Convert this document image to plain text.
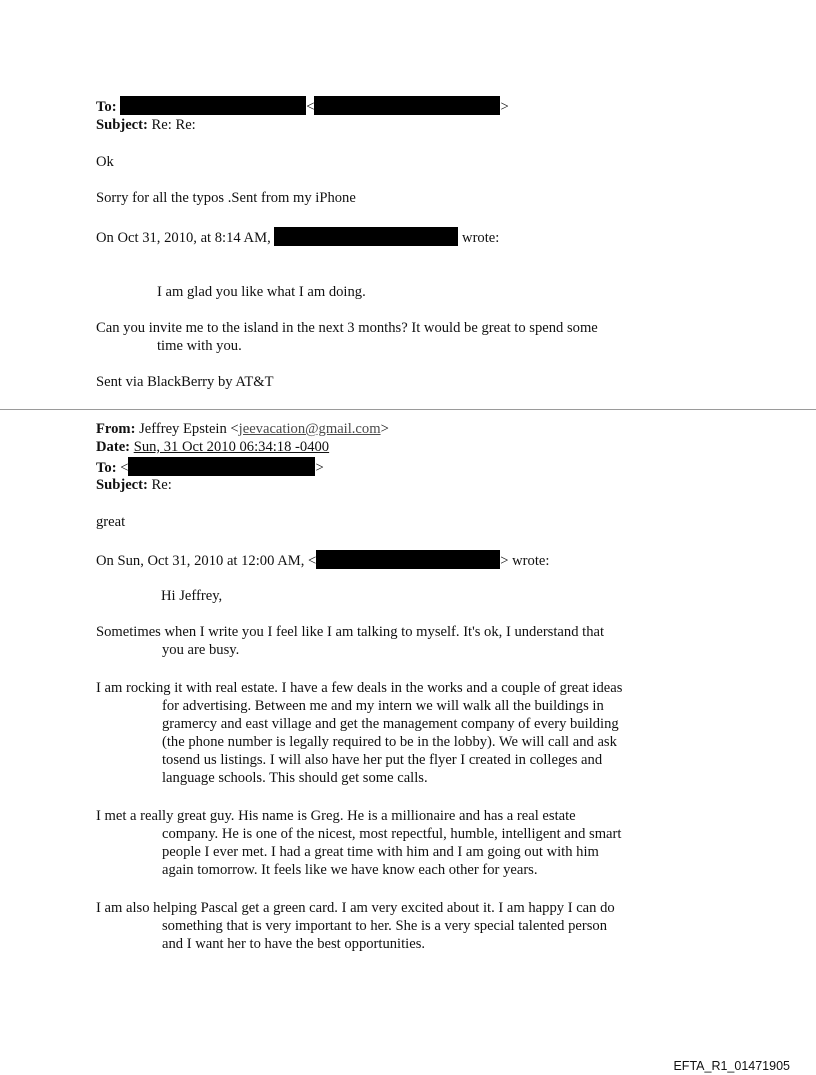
To:	<	>
Subject: Re: Re:
Ok
Sorry for all the typos .Sent from my iPhone
On Oct 31, 2010, at 8:14 AM,	wrote:
I am glad you like what I am doing.
Can you invite me to the island in the next 3 months? It would be great to spend some
time with you.
Sent via BlackBerry by AT&T
From: Jeffrey Epstein <jeevacation@gmail.com>
Date: Sun, 31 Oct 2010 06:34:18 -0400
To: <	>
Subject: Re:
great
On Sun, Oct 31, 2010 at 12:00 AM, <	> wrote:
Hi Jeffrey,
Sometimes when I write you I feel like I am talking to myself. It's ok, I understand that
you are busy.
I am rocking it with real estate. I have a few deals in the works and a couple of great ideas
for advertising. Between me and my intern we will walk all the buildings in
gramercy and east village and get the management company of every building
(the phone number is legally required to be in the lobby). We will call and ask
tosend us listings. I will also have her put the flyer I created in colleges and
language schools. This should get some calls.
I met a really great guy. His name is Greg. He is a millionaire and has a real estate
company. He is one of the nicest, most repectful, humble, intelligent and smart
people I ever met. I had a great time with him and I am going out with him
again tomorrow. It feels like we have know each other for years.
I am also helping Pascal get a green card. I am very excited about it. I am happy I can do
something that is very important to her. She is a very special talented person
and I want her to have the best opportunities.
EFTA_R1_01471905
